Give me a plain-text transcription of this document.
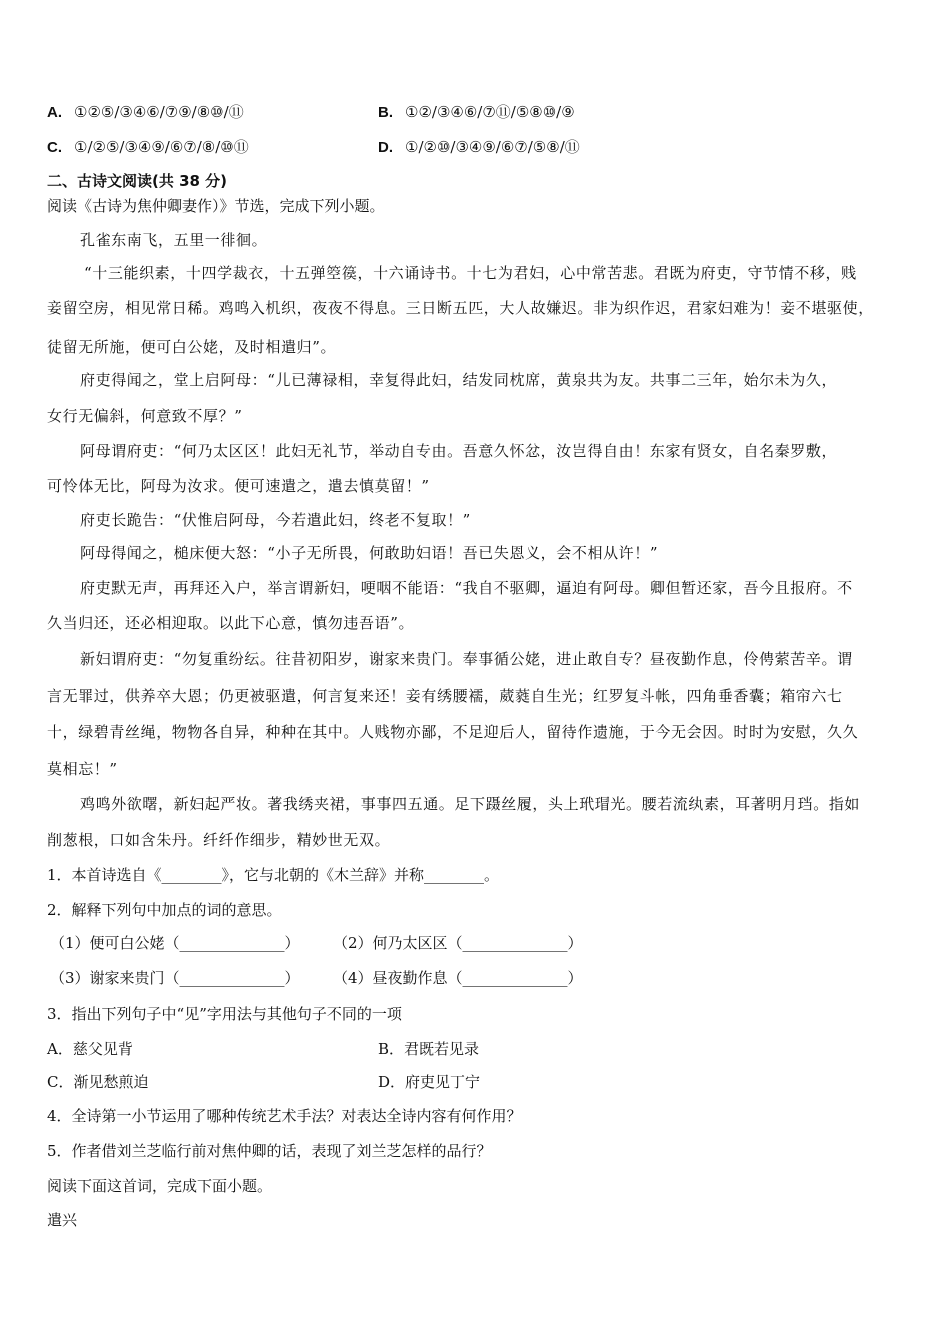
A. ①②⑤/③④⑥/⑦⑨/⑧⑩/⑪	B. ①②/③④⑥/⑦⑪/⑤⑧⑩/⑨
C. ①/②⑤/③④⑨/⑥⑦/⑧/⑩⑪	D. ①/②⑩/③④⑨/⑥⑦/⑤⑧/⑪
二、古诗文阅读(共 38 分)
阅读《古诗为焦仲卿妻作）》节选，完成下列小题。
孔雀东南飞，五里一徘徊。
“十三能织素，十四学裁衣，十五弹箜篌，十六诵诗书。十七为君妇，心中常苦悲。君既为府吏，守节情不移，贱
妾留空房，相见常日稀。鸡鸣入机织，夜夜不得息。三日断五匹，大人故嫌迟。非为织作迟，君家妇难为！妾不堪驱使，
徒留无所施，便可白公姥，及时相遣归”。
府吏得闻之，堂上启阿母：“儿已薄禄相，幸复得此妇，结发同枕席，黄泉共为友。共事二三年，始尔未为久，
女行无偏斜，何意致不厚？”
阿母谓府吏：“何乃太区区！此妇无礼节，举动自专由。吾意久怀忿，汝岂得自由！东家有贤女，自名秦罗敷，
可怜体无比，阿母为汝求。便可速遣之，遣去慎莫留！”
府吏长跪告：“伏惟启阿母，今若遣此妇，终老不复取！”
阿母得闻之，槌床便大怒：“小子无所畏，何敢助妇语！吾已失恩义，会不相从许！”
府吏默无声，再拜还入户，举言谓新妇，哽咽不能语：“我自不驱卿，逼迫有阿母。卿但暂还家，吾今且报府。不
久当归还，还必相迎取。以此下心意，慎勿违吾语”。
新妇谓府吏：“勿复重纷纭。往昔初阳岁，谢家来贵门。奉事循公姥，进止敢自专？昼夜勤作息，伶俜萦苦辛。谓
言无罪过，供养卒大恩；仍更被驱遣，何言复来还！妾有绣腰襦，葳蕤自生光；红罗复斗帐，四角垂香囊；箱帘六七
十，绿碧青丝绳，物物各自异，种种在其中。人贱物亦鄙，不足迎后人，留待作遗施，于今无会因。时时为安慰，久久
莫相忘！”
鸡鸣外欲曙，新妇起严妆。著我绣夹裙，事事四五通。足下蹑丝履，头上玳瑁光。腰若流纨素，耳著明月珰。指如
削葱根，口如含朱丹。纤纤作细步，精妙世无双。
1．本首诗选自《________》，它与北朝的《木兰辞》并称________。
2．解释下列句中加点的词的意思。
（1）便可白公姥（______________） （2）何乃太区区（______________）
（3）谢家来贵门（______________） （4）昼夜勤作息（______________）
3．指出下列句子中“见”字用法与其他句子不同的一项
A．慈父见背	B．君既若见录
C．渐见愁煎迫	D．府吏见丁宁
4．全诗第一小节运用了哪种传统艺术手法？对表达全诗内容有何作用？
5．作者借刘兰芝临行前对焦仲卿的话，表现了刘兰芝怎样的品行？
阅读下面这首词，完成下面小题。
遣兴
